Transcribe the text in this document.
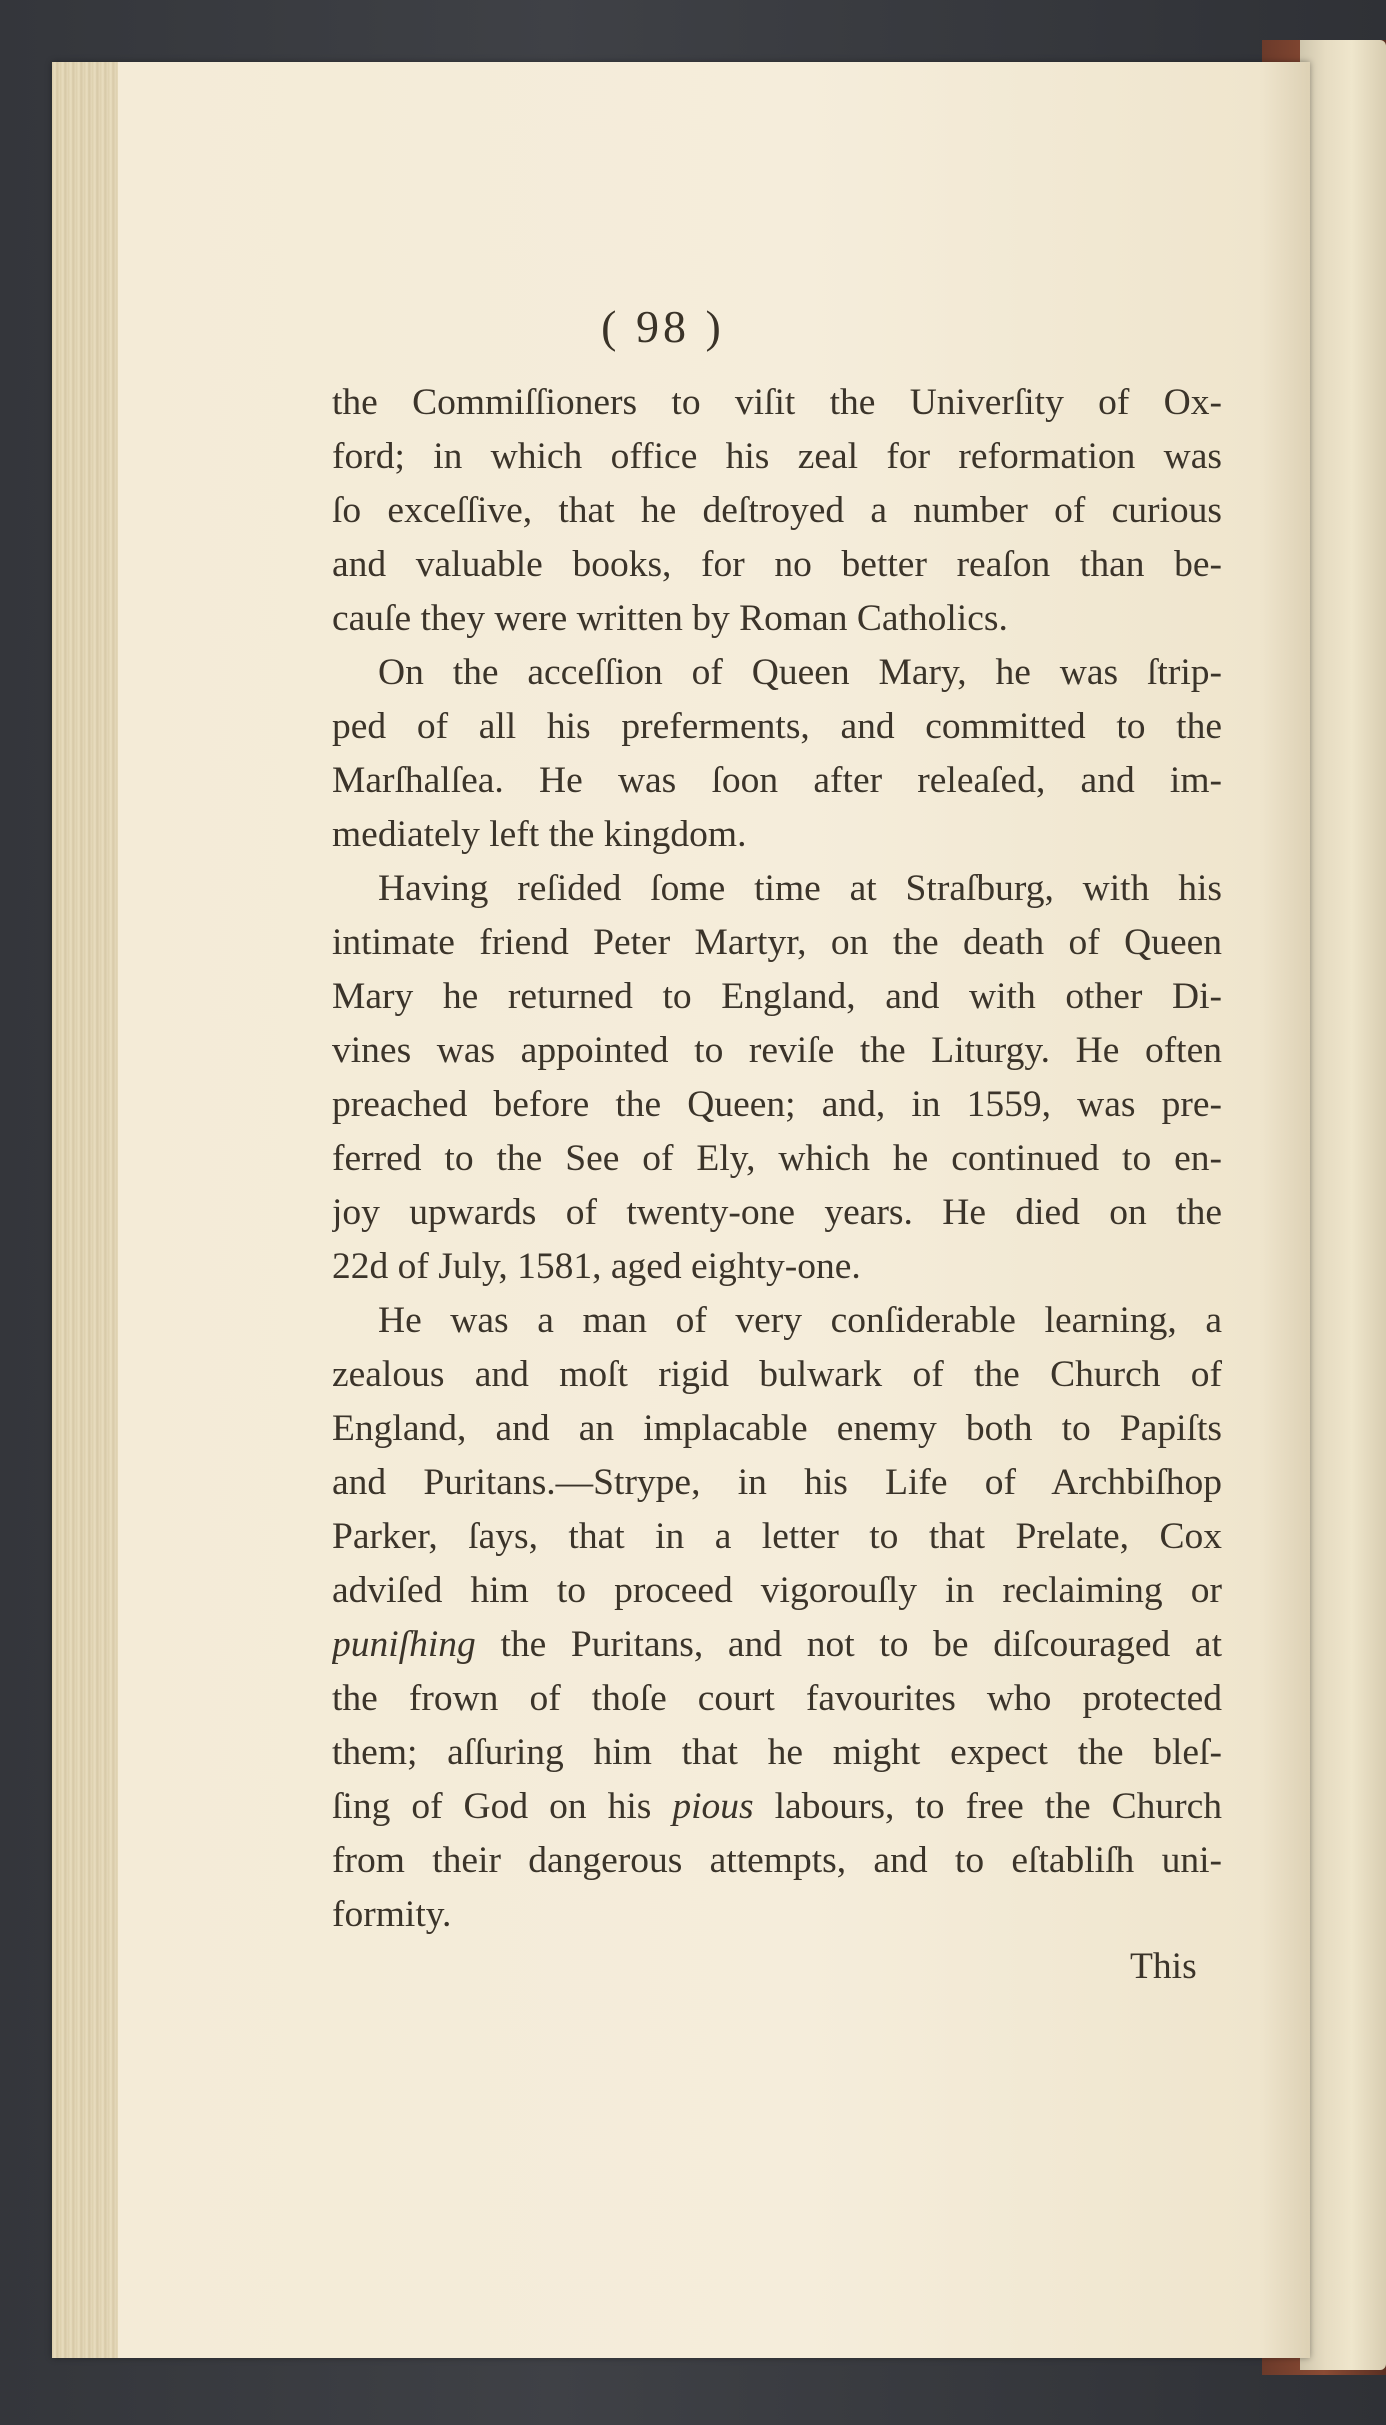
( 98 )
the Commiſſioners to viſit the Univerſity of Ox-
ford; in which office his zeal for reformation was
ſo exceſſive, that he deſtroyed a number of curious
and valuable books, for no better reaſon than be-
cauſe they were written by Roman Catholics.
On the acceſſion of Queen Mary, he was ſtrip-
ped of all his preferments, and committed to the
Marſhalſea. He was ſoon after releaſed, and im-
mediately left the kingdom.
Having reſided ſome time at Straſburg, with his
intimate friend Peter Martyr, on the death of Queen
Mary he returned to England, and with other Di-
vines was appointed to reviſe the Liturgy. He often
preached before the Queen; and, in 1559, was pre-
ferred to the See of Ely, which he continued to en-
joy upwards of twenty-one years. He died on the
22d of July, 1581, aged eighty-one.
He was a man of very conſiderable learning, a
zealous and moſt rigid bulwark of the Church of
England, and an implacable enemy both to Papiſts
and Puritans.—Strype, in his Life of Archbiſhop
Parker, ſays, that in a letter to that Prelate, Cox
adviſed him to proceed vigorouſly in reclaiming or
puniſhing the Puritans, and not to be diſcouraged at
the frown of thoſe court favourites who protected
them; aſſuring him that he might expect the bleſ-
ſing of God on his pious labours, to free the Church
from their dangerous attempts, and to eſtabliſh uni-
formity.
This
